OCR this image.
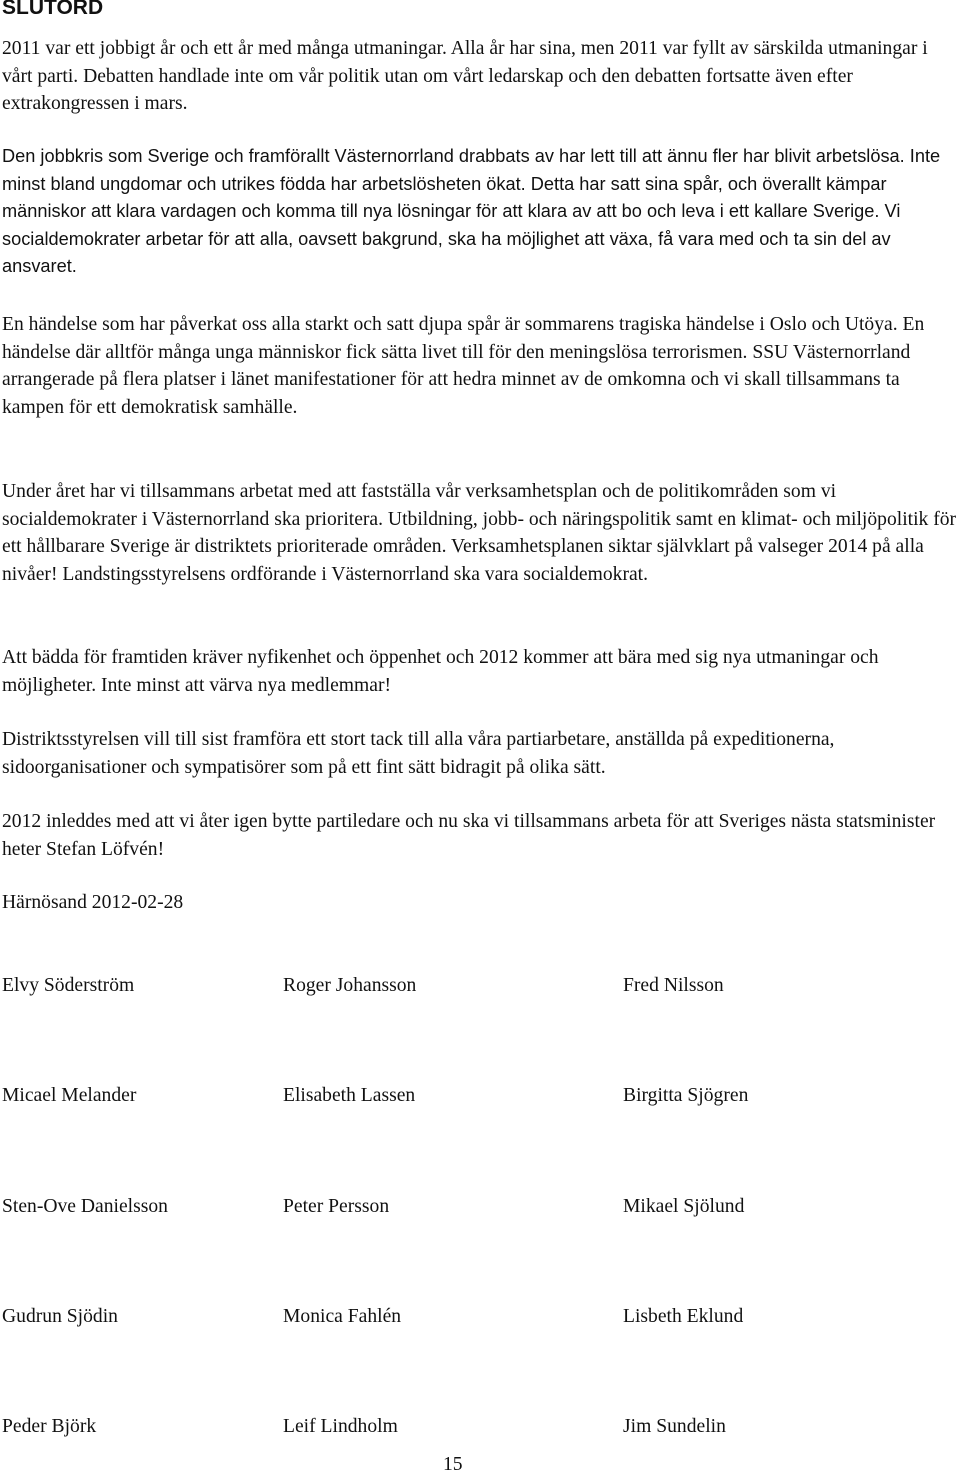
SLUTORD

2011 var ett jobbigt år och ett år med många utmaningar. Alla år har sina, men 2011 var fyllt av särskilda utmaningar i vårt parti. Debatten handlade inte om vår politik utan om vårt ledarskap och den debatten fortsatte även efter extrakongressen i mars.

Den jobbkris som Sverige och framförallt Västernorrland drabbats av har lett till att ännu fler har blivit arbetslösa. Inte minst bland ungdomar och utrikes födda har arbetslösheten ökat. Detta har satt sina spår, och överallt kämpar människor att klara vardagen och komma till nya lösningar för att klara av att bo och leva i ett kallare Sverige. Vi socialdemokrater arbetar för att alla, oavsett bakgrund, ska ha möjlighet att växa, få vara med och ta sin del av ansvaret.

En händelse som har påverkat oss alla starkt och satt djupa spår är sommarens tragiska händelse i Oslo och Utöya. En händelse där alltför många unga människor fick sätta livet till för den meningslösa terrorismen. SSU Västernorrland arrangerade på flera platser i länet manifestationer för att hedra minnet av de omkomna och vi skall tillsammans ta kampen för ett demokratisk samhälle.

Under året har vi tillsammans arbetat med att fastställa vår verksamhetsplan och de politikområden som vi socialdemokrater i Västernorrland ska prioritera. Utbildning, jobb- och näringspolitik samt en klimat- och miljöpolitik för ett hållbarare Sverige är distriktets prioriterade områden. Verksamhetsplanen siktar självklart på valseger 2014 på alla nivåer! Landstingsstyrelsens ordförande i Västernorrland ska vara socialdemokrat.

Att bädda för framtiden kräver nyfikenhet och öppenhet och 2012 kommer att bära med sig nya utmaningar och möjligheter. Inte minst att värva nya medlemmar!

Distriktsstyrelsen vill till sist framföra ett stort tack till alla våra partiarbetare, anställda på expeditionerna, sidoorganisationer och sympatisörer som på ett fint sätt bidragit på olika sätt.

2012 inleddes med att vi åter igen bytte partiledare och nu ska vi tillsammans arbeta för att Sveriges nästa statsminister heter Stefan Löfvén!

Härnösand 2012-02-28

Elvy Söderström	Roger Johansson	Fred Nilsson

Micael Melander	Elisabeth Lassen	Birgitta Sjögren

Sten-Ove Danielsson	Peter Persson	Mikael Sjölund

Gudrun Sjödin	Monica Fahlén	Lisbeth Eklund

Peder Björk	Leif Lindholm	Jim Sundelin

15
